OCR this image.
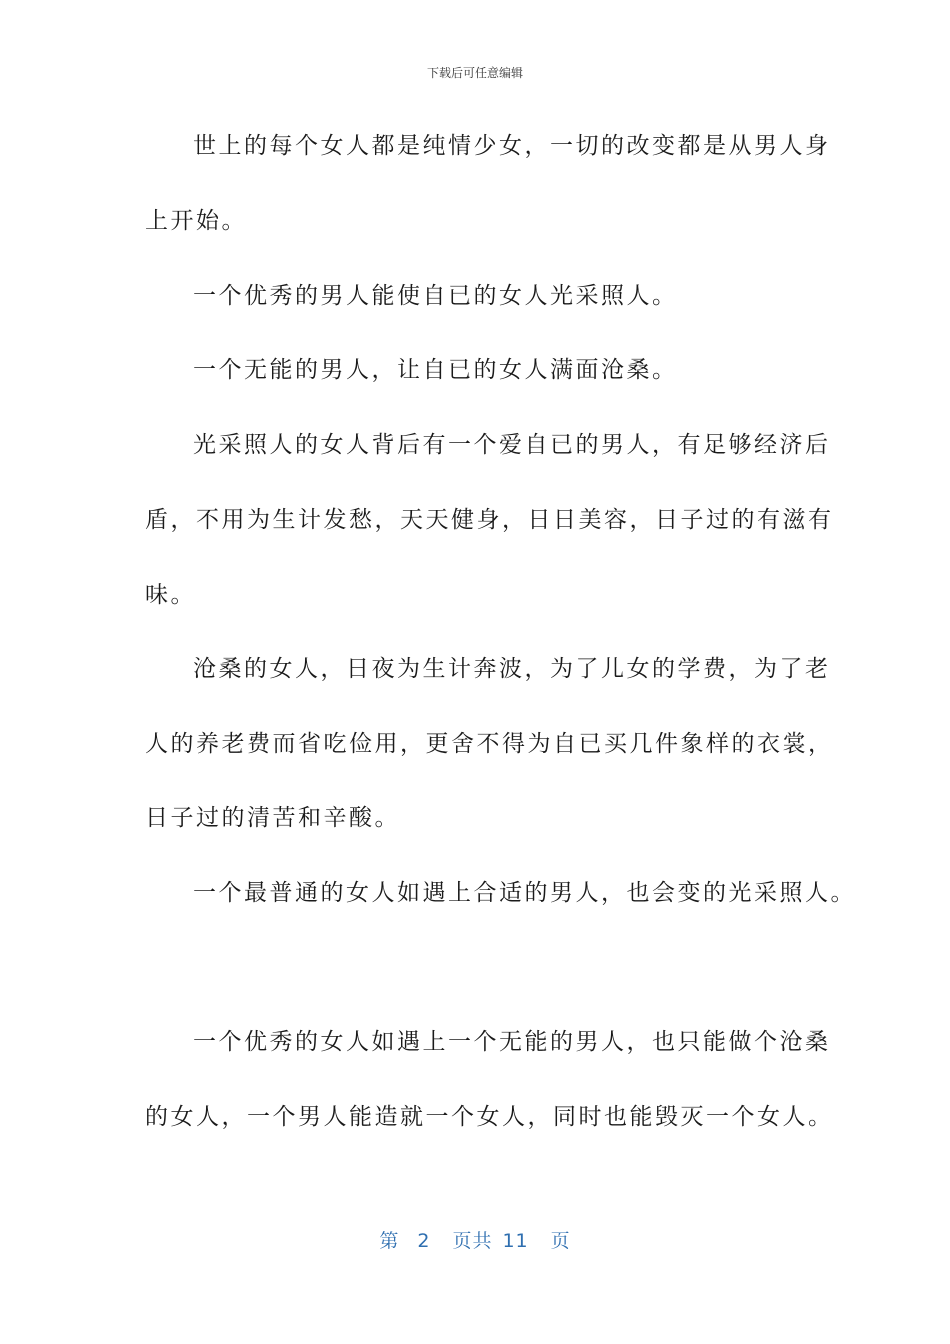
下载后可任意编辑
世上的每个女人都是纯情少女，一切的改变都是从男人身
上开始。
一个优秀的男人能使自已的女人光采照人。
一个无能的男人，让自已的女人满面沧桑。
光采照人的女人背后有一个爱自已的男人，有足够经济后
盾，不用为生计发愁，天天健身，日日美容，日子过的有滋有
味。
沧桑的女人，日夜为生计奔波，为了儿女的学费，为了老
人的养老费而省吃俭用，更舍不得为自已买几件象样的衣裳，
日子过的清苦和辛酸。
一个最普通的女人如遇上合适的男人，也会变的光采照人。
一个优秀的女人如遇上一个无能的男人，也只能做个沧桑
的女人，一个男人能造就一个女人，同时也能毁灭一个女人。
第 2 页共 11 页
